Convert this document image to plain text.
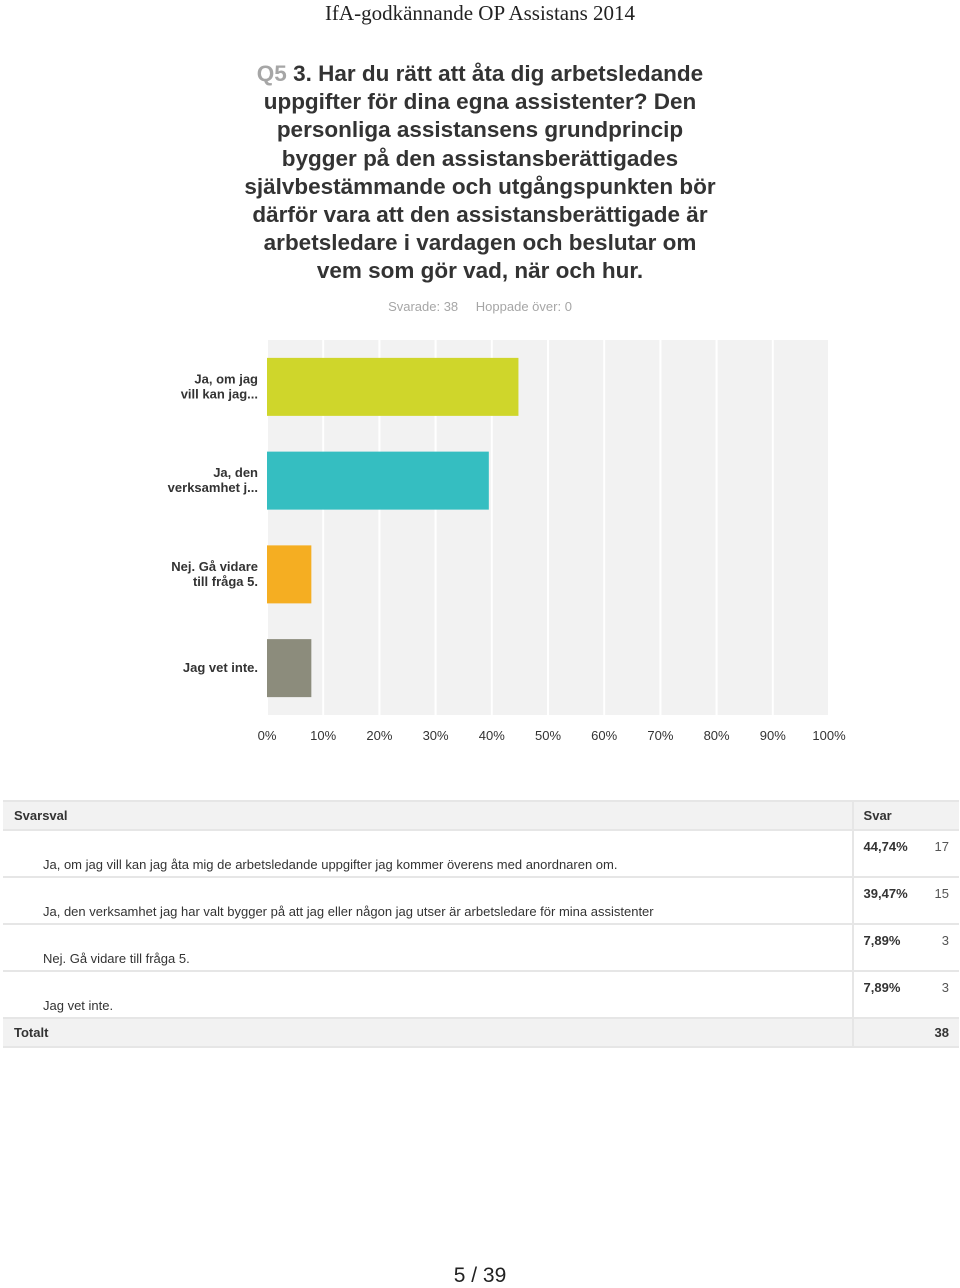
IfA-godkännande OP Assistans 2014
Q5 3. Har du rätt att åta dig arbetsledande
uppgifter för dina egna assistenter? Den
personliga assistansens grundprincip
bygger på den assistansberättigades
självbestämmande och utgångspunkten bör
därför vara att den assistansberättigade är
arbetsledare i vardagen och beslutar om
vem som gör vad, när och hur.
Svarade: 38 Hoppade över: 0
0%	10% 20% 30% 40% 50% 60% 70% 80% 90% 100%
Ja, om jag vill kan jag...
Ja, den verksamhet j...
Nej. Gå vidare till fråga 5.
Jag vet inte.
Svarsval	Svar	
Ja, om jag vill kan jag åta mig de arbetsledande uppgifter jag kommer överens med anordnaren om.	44,74%	17
Ja, den verksamhet jag har valt bygger på att jag eller någon jag utser är arbetsledare för mina assistenter	39,47%	15
Nej. Gå vidare till fråga 5.	7,89%	3
Jag vet inte.	7,89%	3
Totalt		38
5 / 39
